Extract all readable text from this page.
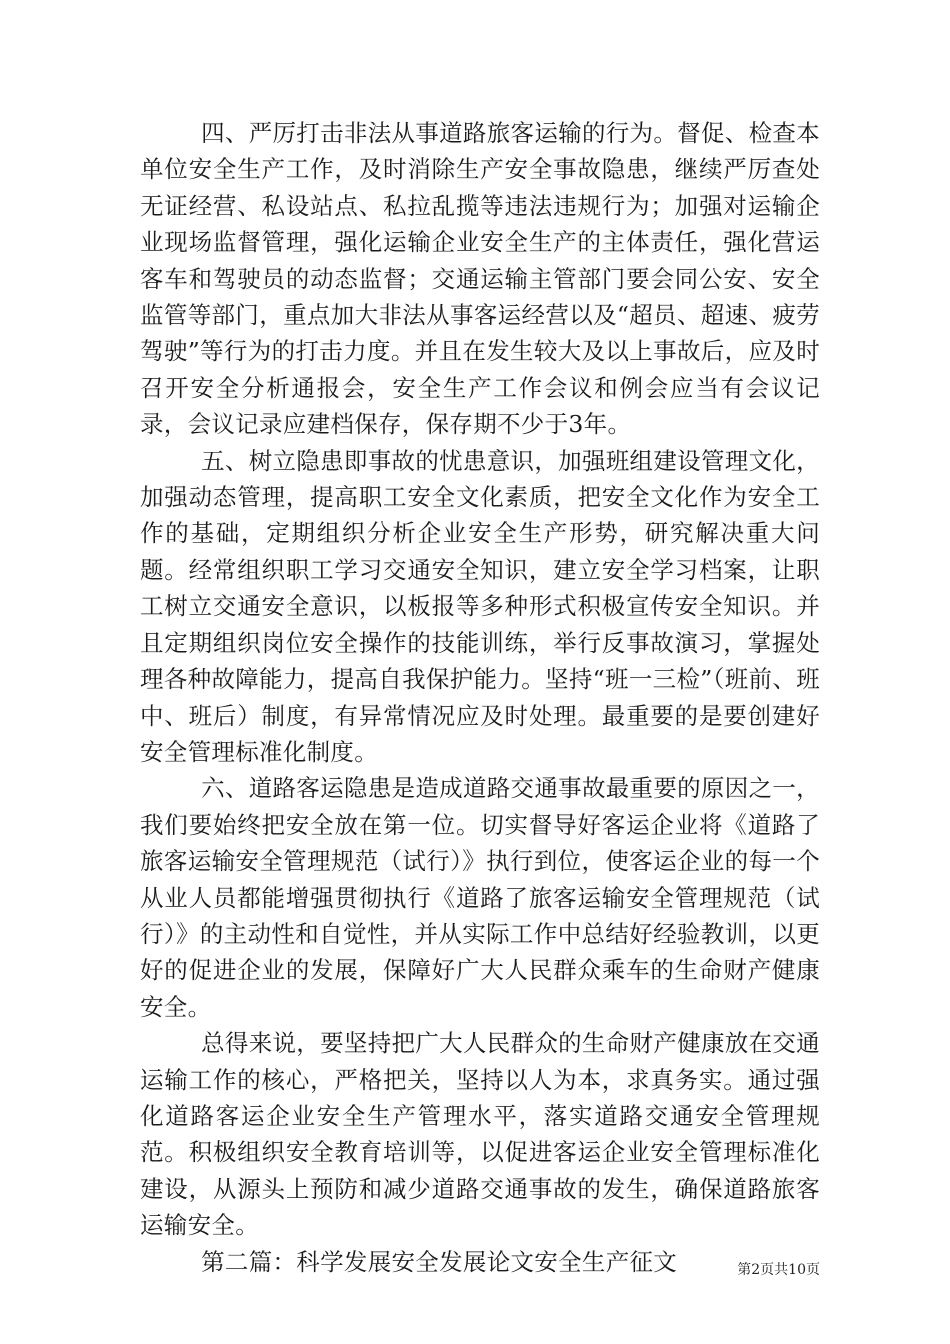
四、严厉打击非法从事道路旅客运输的行为。督促、检查本单位安全生产工作，及时消除生产安全事故隐患，继续严厉查处无证经营、私设站点、私拉乱揽等违法违规行为；加强对运输企业现场监督管理，强化运输企业安全生产的主体责任，强化营运客车和驾驶员的动态监督；交通运输主管部门要会同公安、安全监管等部门，重点加大非法从事客运经营以及“超员、超速、疲劳驾驶”等行为的打击力度。并且在发生较大及以上事故后，应及时召开安全分析通报会，安全生产工作会议和例会应当有会议记录，会议记录应建档保存，保存期不少于3年。

五、树立隐患即事故的忧患意识，加强班组建设管理文化，加强动态管理，提高职工安全文化素质，把安全文化作为安全工作的基础，定期组织分析企业安全生产形势，研究解决重大问题。经常组织职工学习交通安全知识，建立安全学习档案，让职工树立交通安全意识，以板报等多种形式积极宣传安全知识。并且定期组织岗位安全操作的技能训练，举行反事故演习，掌握处理各种故障能力，提高自我保护能力。坚持“班一三检”（班前、班中、班后）制度，有异常情况应及时处理。最重要的是要创建好安全管理标准化制度。

六、道路客运隐患是造成道路交通事故最重要的原因之一，我们要始终把安全放在第一位。切实督导好客运企业将《道路了旅客运输安全管理规范（试行）》执行到位，使客运企业的每一个从业人员都能增强贯彻执行《道路了旅客运输安全管理规范（试行）》的主动性和自觉性，并从实际工作中总结好经验教训，以更好的促进企业的发展，保障好广大人民群众乘车的生命财产健康安全。

总得来说，要坚持把广大人民群众的生命财产健康放在交通运输工作的核心，严格把关，坚持以人为本，求真务实。通过强化道路客运企业安全生产管理水平，落实道路交通安全管理规范。积极组织安全教育培训等，以促进客运企业安全管理标准化建设，从源头上预防和减少道路交通事故的发生，确保道路旅客运输安全。

第二篇：科学发展安全发展论文安全生产征文	第2页共10页
